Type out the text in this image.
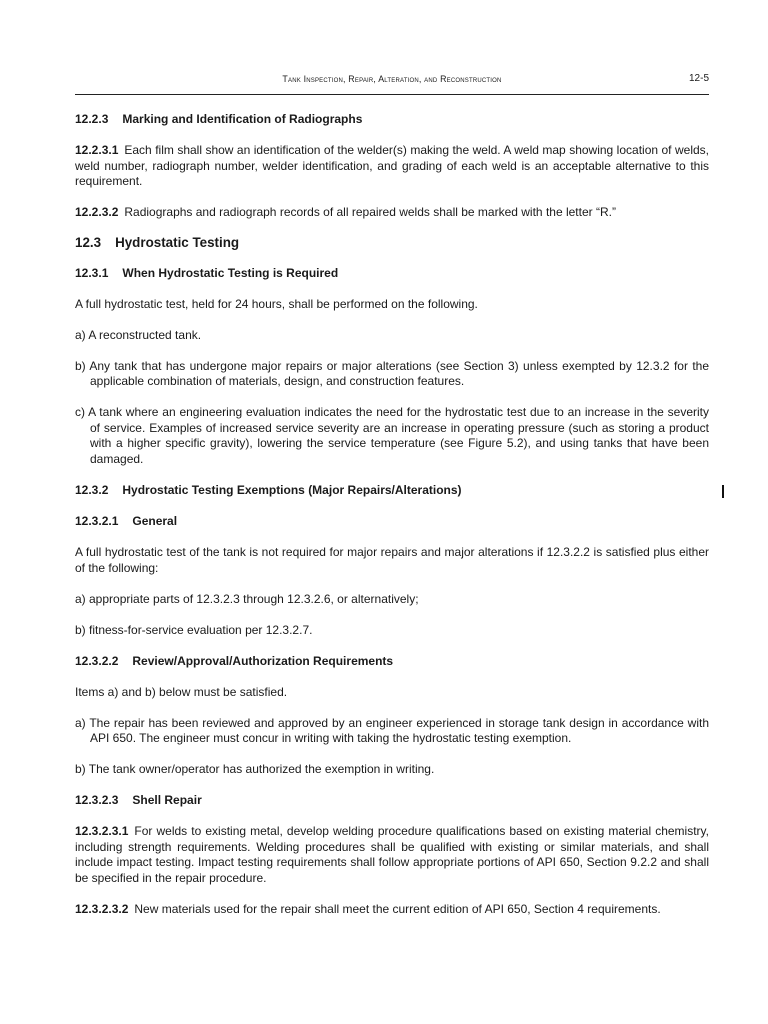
Tank Inspection, Repair, Alteration, and Reconstruction	12-5
12.2.3 Marking and Identification of Radiographs

12.2.3.1 Each film shall show an identification of the welder(s) making the weld. A weld map showing location of welds, weld number, radiograph number, welder identification, and grading of each weld is an acceptable alternative to this requirement.

12.2.3.2 Radiographs and radiograph records of all repaired welds shall be marked with the letter “R.”

12.3 Hydrostatic Testing
12.3.1 When Hydrostatic Testing is Required

A full hydrostatic test, held for 24 hours, shall be performed on the following.

a) A reconstructed tank.

b) Any tank that has undergone major repairs or major alterations (see Section 3) unless exempted by 12.3.2 for the applicable combination of materials, design, and construction features.

c) A tank where an engineering evaluation indicates the need for the hydrostatic test due to an increase in the severity of service. Examples of increased service severity are an increase in operating pressure (such as storing a product with a higher specific gravity), lowering the service temperature (see Figure 5.2), and using tanks that have been damaged.

12.3.2 Hydrostatic Testing Exemptions (Major Repairs/Alterations)
12.3.2.1 General

A full hydrostatic test of the tank is not required for major repairs and major alterations if 12.3.2.2 is satisfied plus either of the following:

a) appropriate parts of 12.3.2.3 through 12.3.2.6, or alternatively;

b) fitness-for-service evaluation per 12.3.2.7.

12.3.2.2 Review/Approval/Authorization Requirements

Items a) and b) below must be satisfied.

a) The repair has been reviewed and approved by an engineer experienced in storage tank design in accordance with API 650. The engineer must concur in writing with taking the hydrostatic testing exemption.

b) The tank owner/operator has authorized the exemption in writing.

12.3.2.3 Shell Repair

12.3.2.3.1 For welds to existing metal, develop welding procedure qualifications based on existing material chemistry, including strength requirements. Welding procedures shall be qualified with existing or similar materials, and shall include impact testing. Impact testing requirements shall follow appropriate portions of API 650, Section 9.2.2 and shall be specified in the repair procedure.

12.3.2.3.2 New materials used for the repair shall meet the current edition of API 650, Section 4 requirements.
